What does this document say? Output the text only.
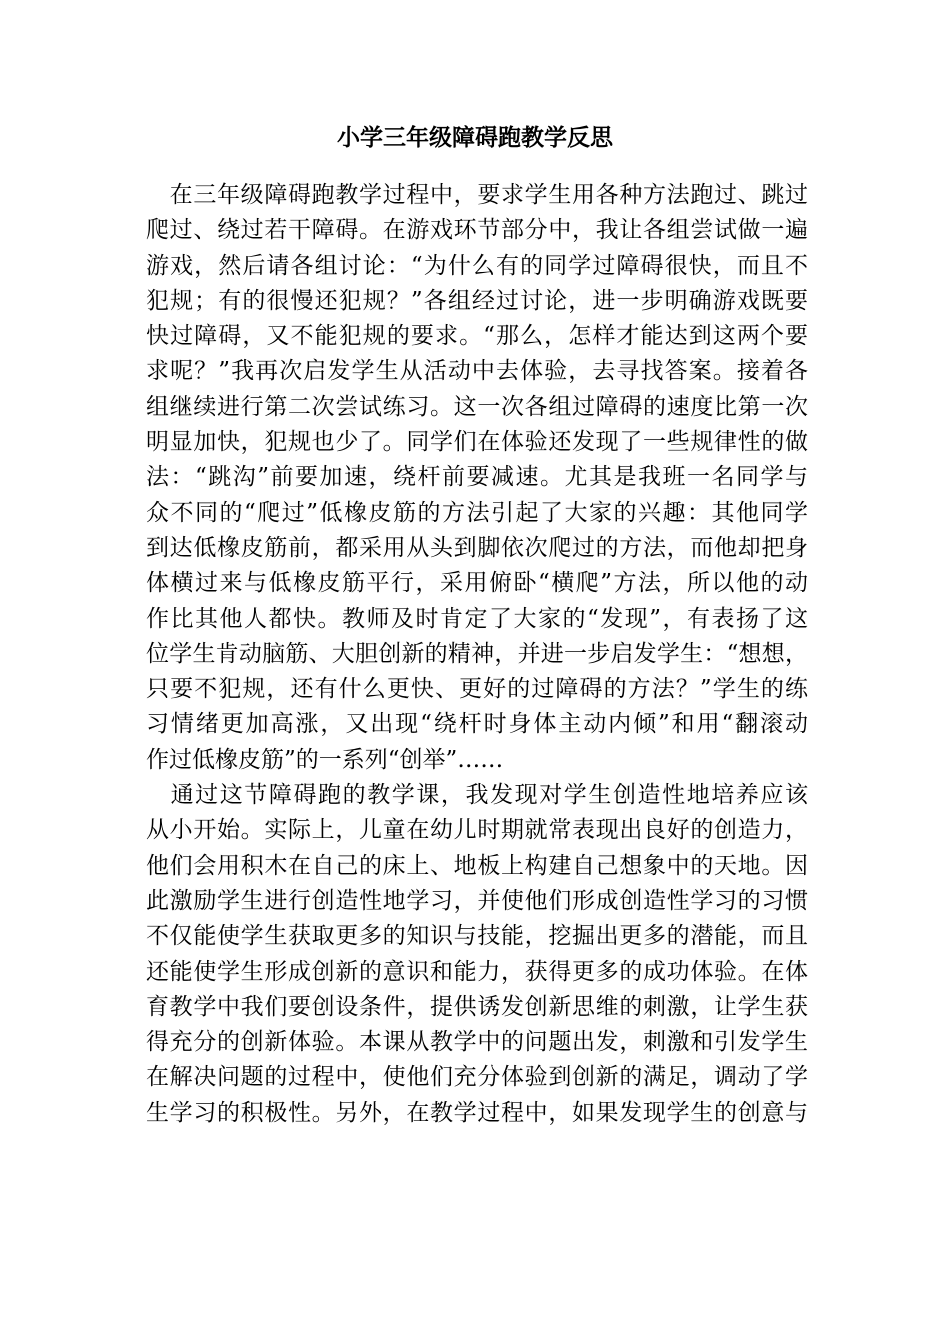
小学三年级障碍跑教学反思
　在三年级障碍跑教学过程中，要求学生用各种方法跑过、跳过
爬过、绕过若干障碍。在游戏环节部分中，我让各组尝试做一遍
游戏，然后请各组讨论：“为什么有的同学过障碍很快，而且不
犯规；有的很慢还犯规？”各组经过讨论，进一步明确游戏既要
快过障碍，又不能犯规的要求。“那么，怎样才能达到这两个要
求呢？”我再次启发学生从活动中去体验，去寻找答案。接着各
组继续进行第二次尝试练习。这一次各组过障碍的速度比第一次
明显加快，犯规也少了。同学们在体验还发现了一些规律性的做
法：“跳沟”前要加速，绕杆前要减速。尤其是我班一名同学与
众不同的“爬过”低橡皮筋的方法引起了大家的兴趣：其他同学
到达低橡皮筋前，都采用从头到脚依次爬过的方法，而他却把身
体横过来与低橡皮筋平行，采用俯卧“横爬”方法，所以他的动
作比其他人都快。教师及时肯定了大家的“发现”，有表扬了这
位学生肯动脑筋、大胆创新的精神，并进一步启发学生：“想想，
只要不犯规，还有什么更快、更好的过障碍的方法？”学生的练
习情绪更加高涨，又出现“绕杆时身体主动内倾”和用“翻滚动
作过低橡皮筋”的一系列“创举”……
　通过这节障碍跑的教学课，我发现对学生创造性地培养应该
从小开始。实际上，儿童在幼儿时期就常表现出良好的创造力，
他们会用积木在自己的床上、地板上构建自己想象中的天地。因
此激励学生进行创造性地学习，并使他们形成创造性学习的习惯
不仅能使学生获取更多的知识与技能，挖掘出更多的潜能，而且
还能使学生形成创新的意识和能力，获得更多的成功体验。在体
育教学中我们要创设条件，提供诱发创新思维的刺激，让学生获
得充分的创新体验。本课从教学中的问题出发，刺激和引发学生
在解决问题的过程中，使他们充分体验到创新的满足，调动了学
生学习的积极性。另外，在教学过程中，如果发现学生的创意与
